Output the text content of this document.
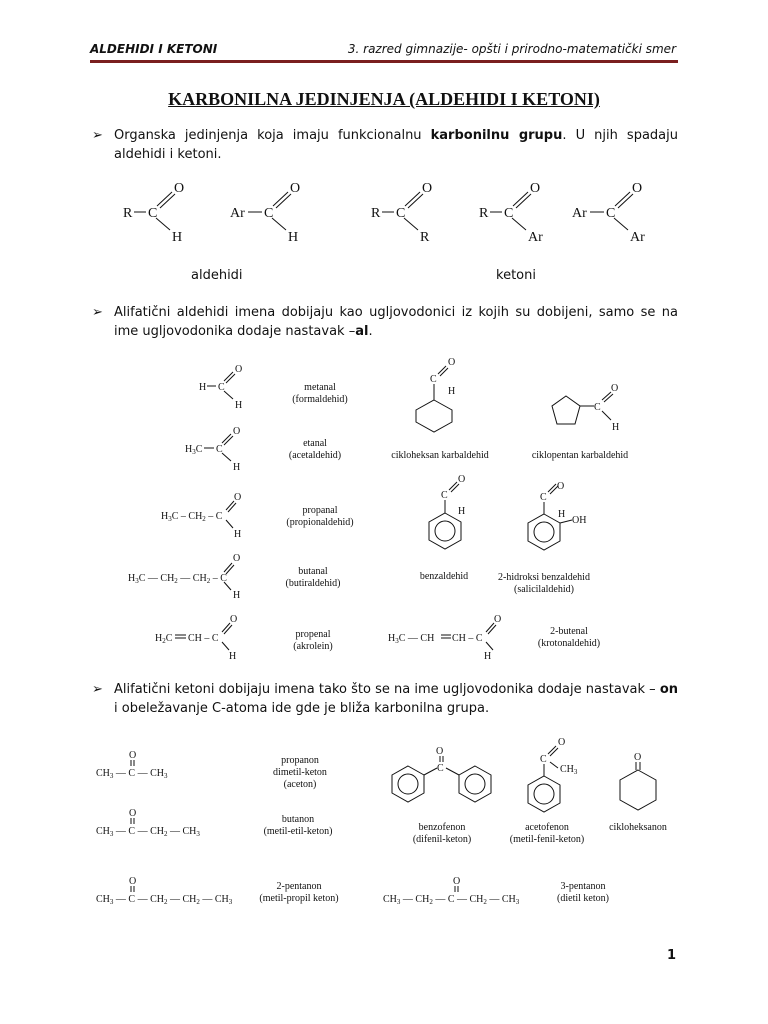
ALDEHIDI I KETONI	3. razred gimnazije- opšti i prirodno-matematički smer
KARBONILNA JEDINJENJA (ALDEHIDI I KETONI)
➢ Organska jedinjenja koja imaju funkcionalnu karbonilnu grupu. U njih spadaju aldehidi i ketoni.
R C
O
H
Ar C
O
H
R C
O
R
R C
O
Ar
Ar C
O
Ar
H C
O
H
$H_3C$ C
O
H
$H_3C - CH_2$ – C
O
H
$H_3C$ — $CH_2$ — $CH_2$ – C
O
H
$H_2C$ CH – C
O
H
C
O
H
C
O
H
C
O
H
C
O
H
OH
$H_3C$ — CH CH – C
O
H
O
$CH_3$ — C — $CH_3$
O
$CH_3$ — C — $CH_2$ — $CH_3$
O
$CH_3$ — C — $CH_2$ — $CH_2$ — $CH_3$
O
$CH_3$ — $CH_2$ — C — $CH_2$ — $CH_3$
C
O
C
O
$CH_3$
O
aldehidi	ketoni
➢ Alifatični aldehidi imena dobijaju kao ugljovodonici iz kojih su dobijeni, samo se na ime ugljovodonika dodaje nastavak –al.
metanal
(formaldehid)
etanal
(acetaldehid)
propanal
(propionaldehid)
butanal
(butiraldehid)
propenal
(akrolein)
cikloheksan karbaldehid	ciklopentan karbaldehid
benzaldehid	2-hidroksi benzaldehid
(salicilaldehid)
2-butenal
(krotonaldehid)
➢ Alifatični ketoni dobijaju imena tako što se na ime ugljovodonika dodaje nastavak – on i obeležavanje C-atoma ide gde je bliža karbonilna grupa.
propanon
dimetil-keton
(aceton)
butanon
(metil-etil-keton)
2-pentanon
(metil-propil keton)
3-pentanon
(dietil keton)
benzofenon
(difenil-keton)
acetofenon
(metil-fenil-keton)
cikloheksanon
1
